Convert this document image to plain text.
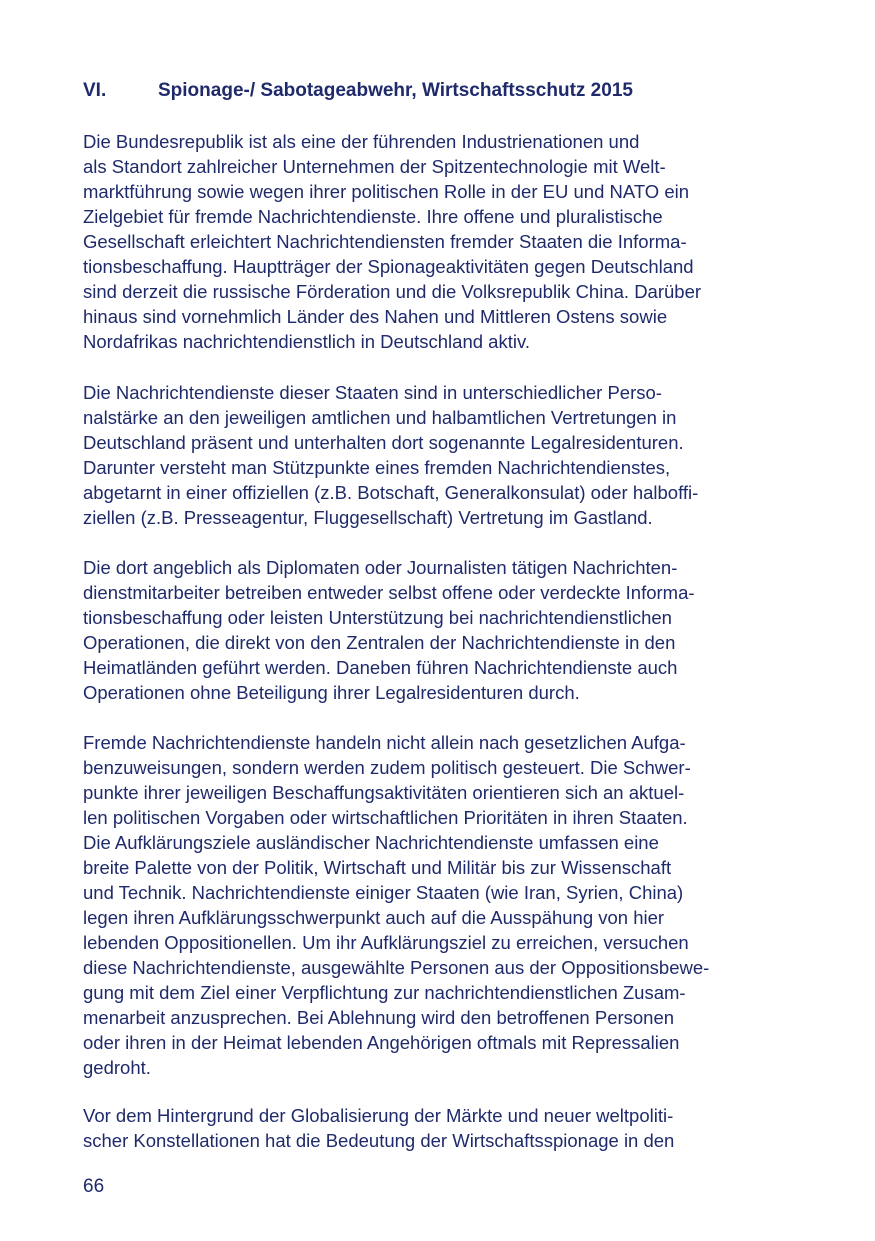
VI.	Spionage-/ Sabotageabwehr, Wirtschaftsschutz 2015

Die Bundesrepublik ist als eine der führenden Industrienationen und
als Standort zahlreicher Unternehmen der Spitzentechnologie mit Welt-
marktführung sowie wegen ihrer politischen Rolle in der EU und NATO ein
Zielgebiet für fremde Nachrichtendienste. Ihre offene und pluralistische
Gesellschaft erleichtert Nachrichtendiensten fremder Staaten die Informa-
tionsbeschaffung. Hauptträger der Spionageaktivitäten gegen Deutschland
sind derzeit die russische Förderation und die Volksrepublik China. Darüber
hinaus sind vornehmlich Länder des Nahen und Mittleren Ostens sowie
Nordafrikas nachrichtendienstlich in Deutschland aktiv.

Die Nachrichtendienste dieser Staaten sind in unterschiedlicher Perso-
nalstärke an den jeweiligen amtlichen und halbamtlichen Vertretungen in
Deutschland präsent und unterhalten dort sogenannte Legalresidenturen.
Darunter versteht man Stützpunkte eines fremden Nachrichtendienstes,
abgetarnt in einer offiziellen (z.B. Botschaft, Generalkonsulat) oder halboffi-
ziellen (z.B. Presseagentur, Fluggesellschaft) Vertretung im Gastland.

Die dort angeblich als Diplomaten oder Journalisten tätigen Nachrichten-
dienstmitarbeiter betreiben entweder selbst offene oder verdeckte Informa-
tionsbeschaffung oder leisten Unterstützung bei nachrichtendienstlichen
Operationen, die direkt von den Zentralen der Nachrichtendienste in den
Heimatländen geführt werden. Daneben führen Nachrichtendienste auch
Operationen ohne Beteiligung ihrer Legalresidenturen durch.

Fremde Nachrichtendienste handeln nicht allein nach gesetzlichen Aufga-
benzuweisungen, sondern werden zudem politisch gesteuert. Die Schwer-
punkte ihrer jeweiligen Beschaffungsaktivitäten orientieren sich an aktuel-
len politischen Vorgaben oder wirtschaftlichen Prioritäten in ihren Staaten.
Die Aufklärungsziele ausländischer Nachrichtendienste umfassen eine
breite Palette von der Politik, Wirtschaft und Militär bis zur Wissenschaft
und Technik. Nachrichtendienste einiger Staaten (wie Iran, Syrien, China)
legen ihren Aufklärungsschwerpunkt auch auf die Ausspähung von hier
lebenden Oppositionellen. Um ihr Aufklärungsziel zu erreichen, versuchen
diese Nachrichtendienste, ausgewählte Personen aus der Oppositionsbewe-
gung mit dem Ziel einer Verpflichtung zur nachrichtendienstlichen Zusam-
menarbeit anzusprechen. Bei Ablehnung wird den betroffenen Personen
oder ihren in der Heimat lebenden Angehörigen oftmals mit Repressalien
gedroht.

Vor dem Hintergrund der Globalisierung der Märkte und neuer weltpoliti-
scher Konstellationen hat die Bedeutung der Wirtschaftsspionage in den

66
